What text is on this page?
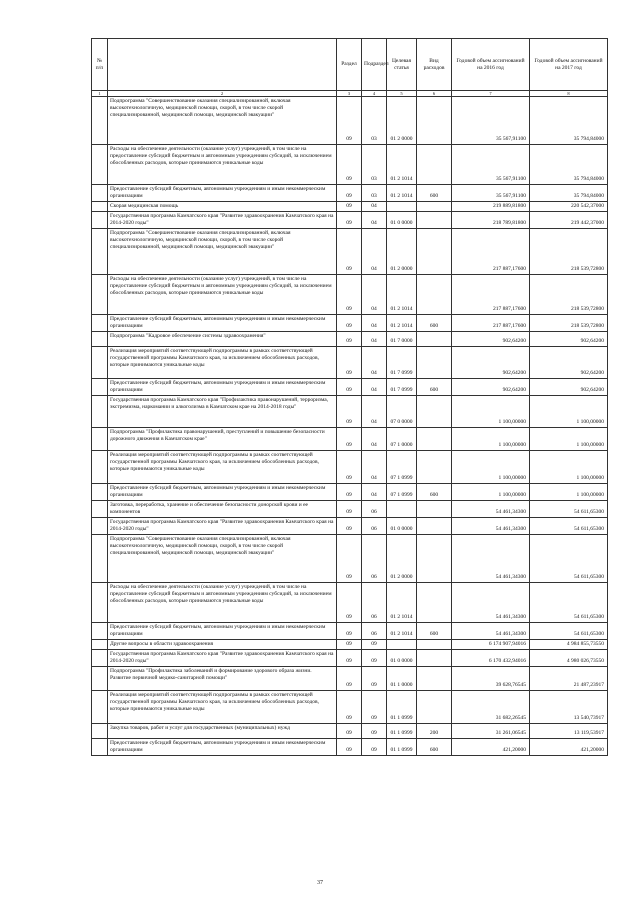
№ п/п		Раздел	Подраздел	Целевая статья	Вид расходов	Годовой объем ассигнований на 2016 год	Годовой объем ассигнований на 2017 год
1	2	3	4	5	6	7	8
	Подпрограмма "Совершенствование оказания специализированной, включая высокотехнологичную, медицинской помощи, скорой, в том числе скорой специализированной, медицинской помощи, медицинской эвакуации"	09	03	01 2 0000		35 567,91100	35 794,84000
	Расходы на обеспечение деятельности (оказание услуг) учреждений, в том числе на предоставление субсидий бюджетным и автономным учреждениям субсидий, за исключением обособленных расходов, которые принимаются уникальные коды	09	03	01 2 1014		35 567,91100	35 794,84000
	Предоставление субсидий бюджетным, автономным учреждениям и иным некоммерческим организациям	09	03	01 2 1014	600	35 567,91100	35 794,84000
	Скорая медицинская помощь	09	04			219 889,81800	220 542,37000
	Государственная программа Камчатского края "Развитие здравоохранения Камчатского края на 2014-2020 годы"	09	04	01 0 0000		218 789,81800	219 442,37000
	Подпрограмма "Совершенствование оказания специализированной, включая высокотехнологичную, медицинской помощи, скорой, в том числе скорой специализированной, медицинской помощи, медицинской эвакуации"	09	04	01 2 0000		217 887,17600	218 539,72800
	Расходы на обеспечение деятельности (оказание услуг) учреждений, в том числе на предоставление субсидий бюджетным и автономным учреждениям субсидий, за исключением обособленных расходов, которые принимаются уникальные коды	09	04	01 2 1014		217 887,17600	218 539,72800
	Предоставление субсидий бюджетным, автономным учреждениям и иным некоммерческим организациям	09	04	01 2 1014	600	217 887,17600	218 539,72800
	Подпрограмма "Кадровое обеспечение системы здравоохранения"	09	04	01 7 0000		902,64200	902,64200
	Реализация мероприятий соответствующей подпрограммы в рамках соответствующей государственной программы Камчатского края, за исключением обособленных расходов, которые принимаются уникальные коды	09	04	01 7 0999		902,64200	902,64200
	Предоставление субсидий бюджетным, автономным учреждениям и иным некоммерческим организациям	09	04	01 7 0999	600	902,64200	902,64200
	Государственная программа Камчатского края "Профилактика правонарушений, терроризма, экстремизма, наркомании и алкоголизма в Камчатском крае на 2014-2018 годы"	09	04	07 0 0000		1 100,00000	1 100,00000
	Подпрограмма "Профилактика правонарушений, преступлений и повышение безопасности дорожного движения в Камчатском крае"	09	04	07 1 0000		1 100,00000	1 100,00000
	Реализация мероприятий соответствующей подпрограммы в рамках соответствующей государственной программы Камчатского края, за исключением обособленных расходов, которые принимаются уникальные коды	09	04	07 1 0999		1 100,00000	1 100,00000
	Предоставление субсидий бюджетным, автономным учреждениям и иным некоммерческим организациям	09	04	07 1 0999	600	1 100,00000	1 100,00000
	Заготовка, переработка, хранение и обеспечение безопасности донорской крови и ее компонентов	09	06			54 461,34300	54 611,65300
	Государственная программа Камчатского края "Развитие здравоохранения Камчатского края на 2014-2020 годы"	09	06	01 0 0000		54 461,34300	54 611,65300
	Подпрограмма "Совершенствование оказания специализированной, включая высокотехнологичную, медицинской помощи, скорой, в том числе скорой специализированной, медицинской помощи, медицинской эвакуации"	09	06	01 2 0000		54 461,34300	54 611,65300
	Расходы на обеспечение деятельности (оказание услуг) учреждений, в том числе на предоставление субсидий бюджетным и автономным учреждениям субсидий, за исключением обособленных расходов, которые принимаются уникальные коды	09	06	01 2 1014		54 461,34300	54 611,65300
	Предоставление субсидий бюджетным, автономным учреждениям и иным некоммерческим организациям	09	06	01 2 1014	600	54 461,34300	54 611,65300
	Другие вопросы в области здравоохранения	09	09			6 174 907,94016	4 984 855,73550
	Государственная программа Камчатского края "Развитие здравоохранения Камчатского края на 2014-2020 годы"	09	09	01 0 0000		6 170 432,94016	4 980 026,73550
	Подпрограмма "Профилактика заболеваний и формирование здорового образа жизни. Развитие первичной медико-санитарной помощи"	09	09	01 1 0000		39 628,76545	21 487,23917
	Реализация мероприятий соответствующей подпрограммы в рамках соответствующей государственной программы Камчатского края, за исключением обособленных расходов, которые принимаются уникальные коды	09	09	01 1 0999		31 682,26545	13 540,73917
	Закупка товаров, работ и услуг для государственных (муниципальных) нужд	09	09	01 1 0999	200	31 261,06545	13 119,53917
	Предоставление субсидий бюджетным, автономным учреждениям и иным некоммерческим организациям	09	09	01 1 0999	600	421,20000	421,20000
37
